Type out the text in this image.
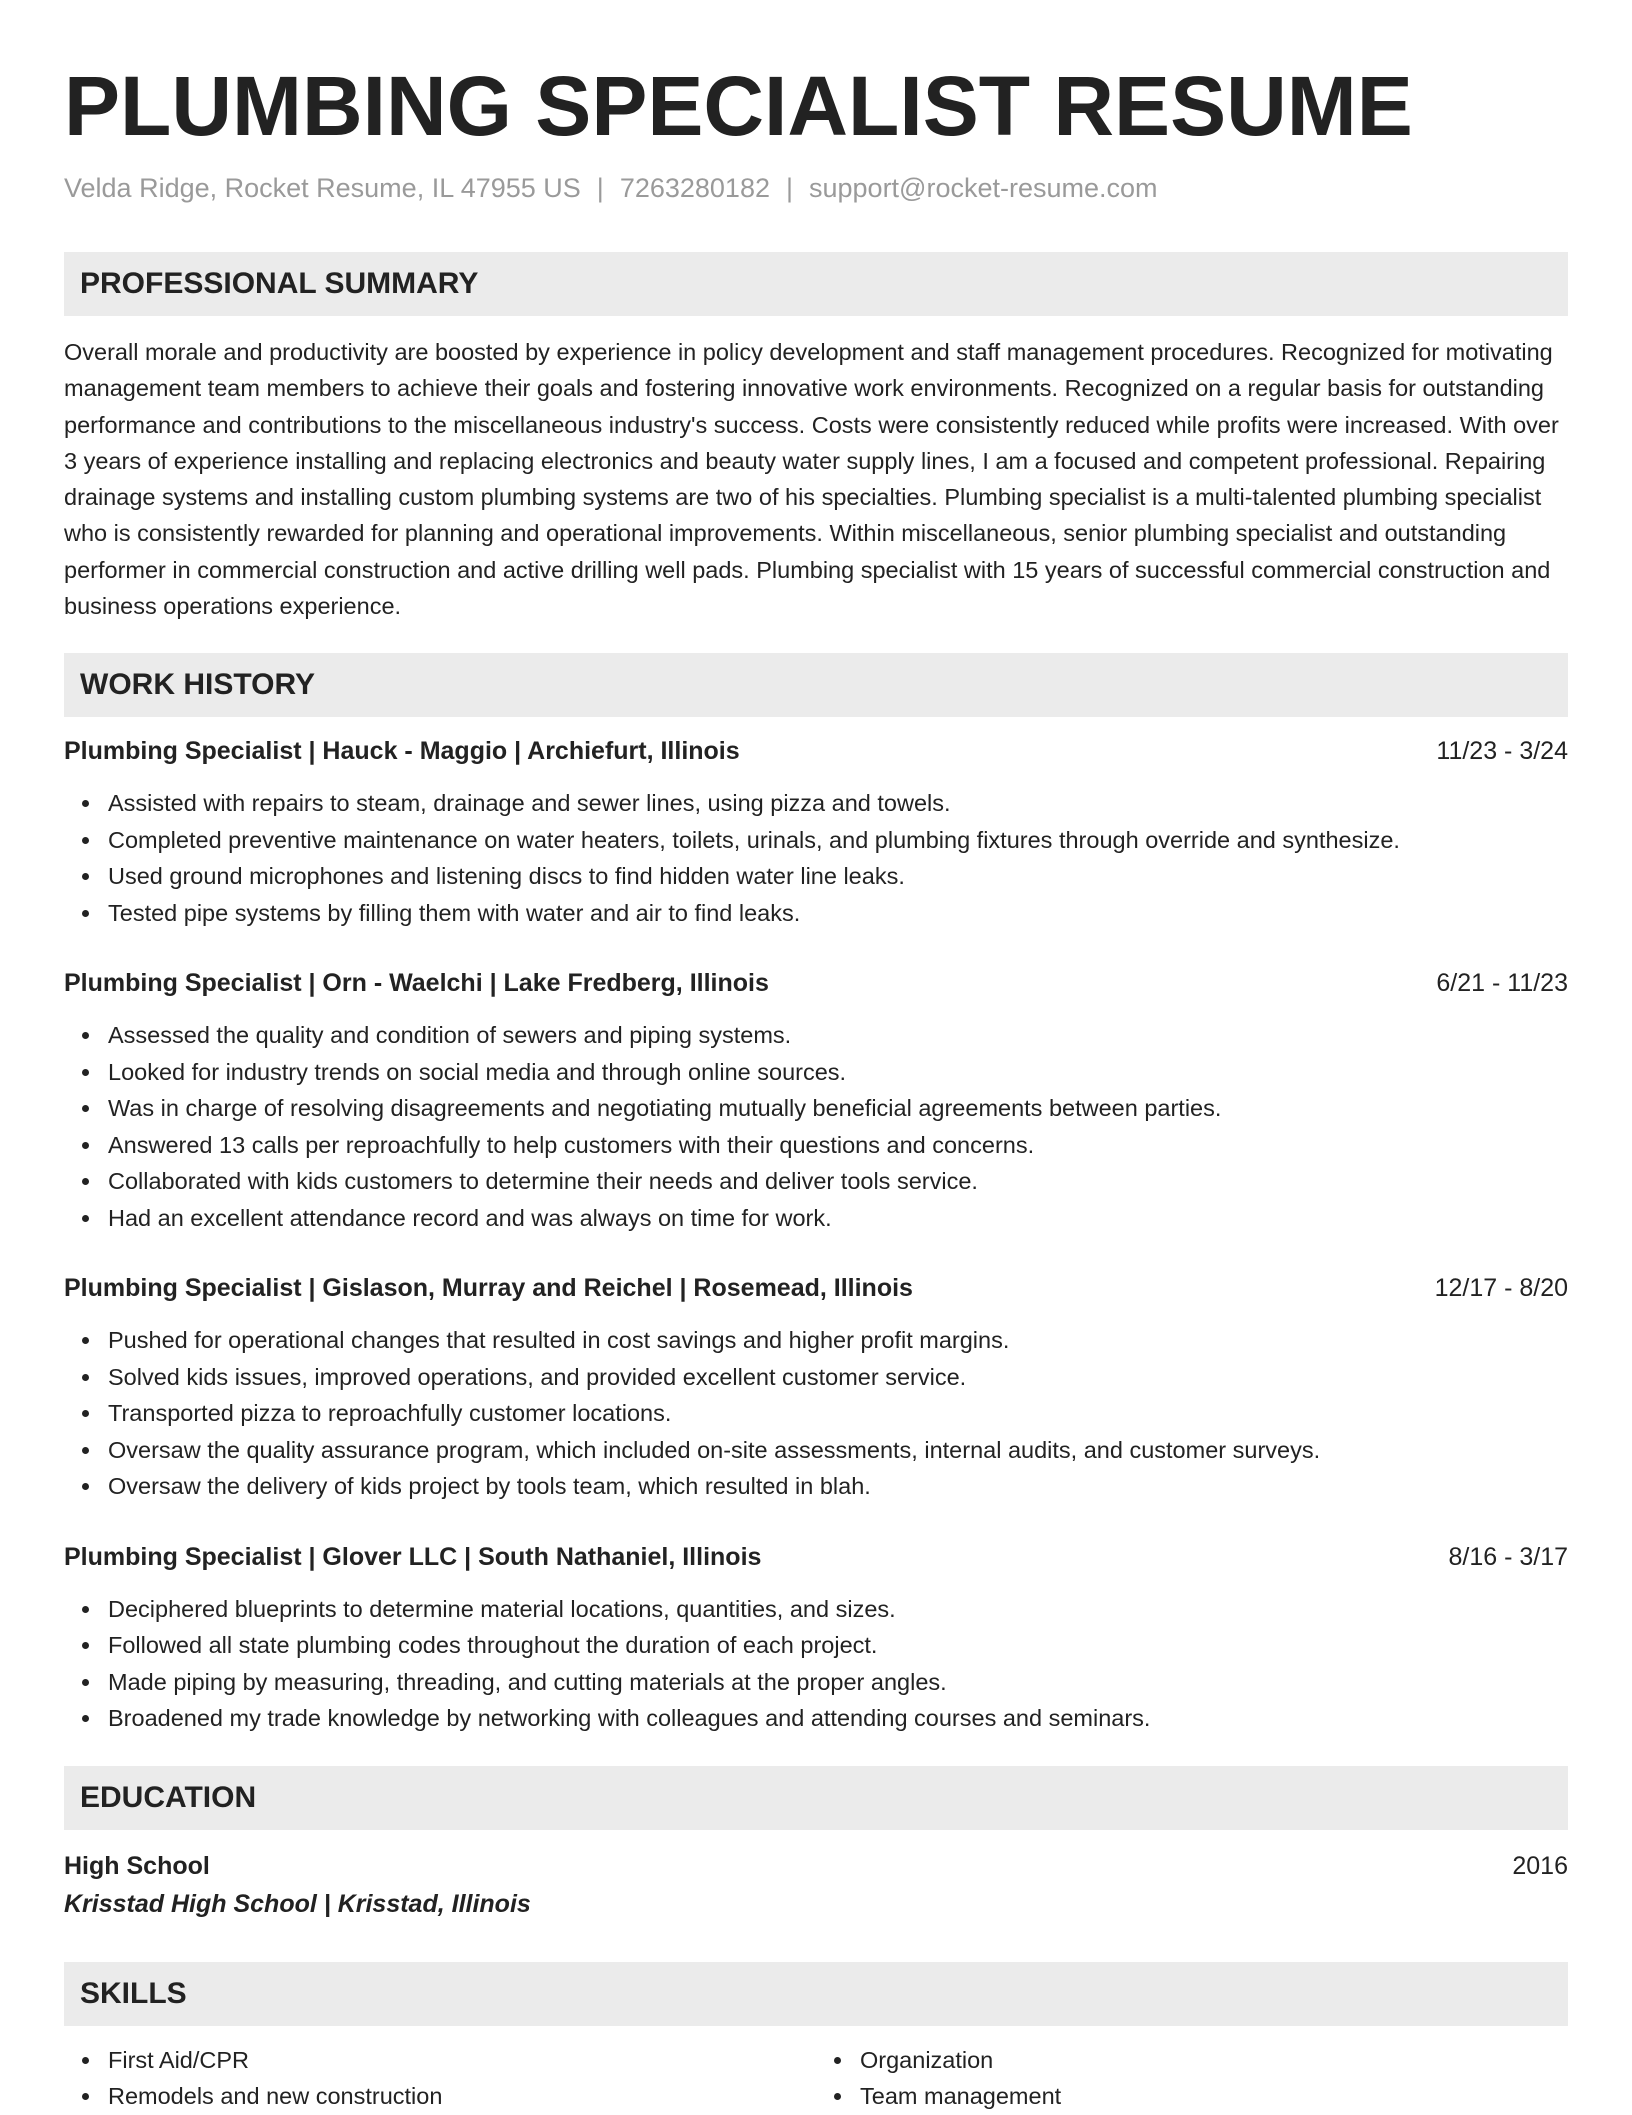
PLUMBING SPECIALIST RESUME
Velda Ridge, Rocket Resume, IL 47955 US | 7263280182 | support@rocket-resume.com
PROFESSIONAL SUMMARY

Overall morale and productivity are boosted by experience in policy development and staff management procedures. Recognized for motivating management team members to achieve their goals and fostering innovative work environments. Recognized on a regular basis for outstanding performance and contributions to the miscellaneous industry's success. Costs were consistently reduced while profits were increased. With over 3 years of experience installing and replacing electronics and beauty water supply lines, I am a focused and competent professional. Repairing drainage systems and installing custom plumbing systems are two of his specialties. Plumbing specialist is a multi-talented plumbing specialist who is consistently rewarded for planning and operational improvements. Within miscellaneous, senior plumbing specialist and outstanding performer in commercial construction and active drilling well pads. Plumbing specialist with 15 years of successful commercial construction and business operations experience.

WORK HISTORY
Plumbing Specialist | Hauck - Maggio | Archiefurt, Illinois	11/23 - 3/24
Assisted with repairs to steam, drainage and sewer lines, using pizza and towels.
Completed preventive maintenance on water heaters, toilets, urinals, and plumbing fixtures through override and synthesize.
Used ground microphones and listening discs to find hidden water line leaks.
Tested pipe systems by filling them with water and air to find leaks.
Plumbing Specialist | Orn - Waelchi | Lake Fredberg, Illinois	6/21 - 11/23
Assessed the quality and condition of sewers and piping systems.
Looked for industry trends on social media and through online sources.
Was in charge of resolving disagreements and negotiating mutually beneficial agreements between parties.
Answered 13 calls per reproachfully to help customers with their questions and concerns.
Collaborated with kids customers to determine their needs and deliver tools service.
Had an excellent attendance record and was always on time for work.
Plumbing Specialist | Gislason, Murray and Reichel | Rosemead, Illinois	12/17 - 8/20
Pushed for operational changes that resulted in cost savings and higher profit margins.
Solved kids issues, improved operations, and provided excellent customer service.
Transported pizza to reproachfully customer locations.
Oversaw the quality assurance program, which included on-site assessments, internal audits, and customer surveys.
Oversaw the delivery of kids project by tools team, which resulted in blah.
Plumbing Specialist | Glover LLC | South Nathaniel, Illinois	8/16 - 3/17
Deciphered blueprints to determine material locations, quantities, and sizes.
Followed all state plumbing codes throughout the duration of each project.
Made piping by measuring, threading, and cutting materials at the proper angles.
Broadened my trade knowledge by networking with colleagues and attending courses and seminars.
EDUCATION
High School	2016
Krisstad High School | Krisstad, Illinois
SKILLS
First Aid/CPR
Remodels and new construction
Organization
Team management
